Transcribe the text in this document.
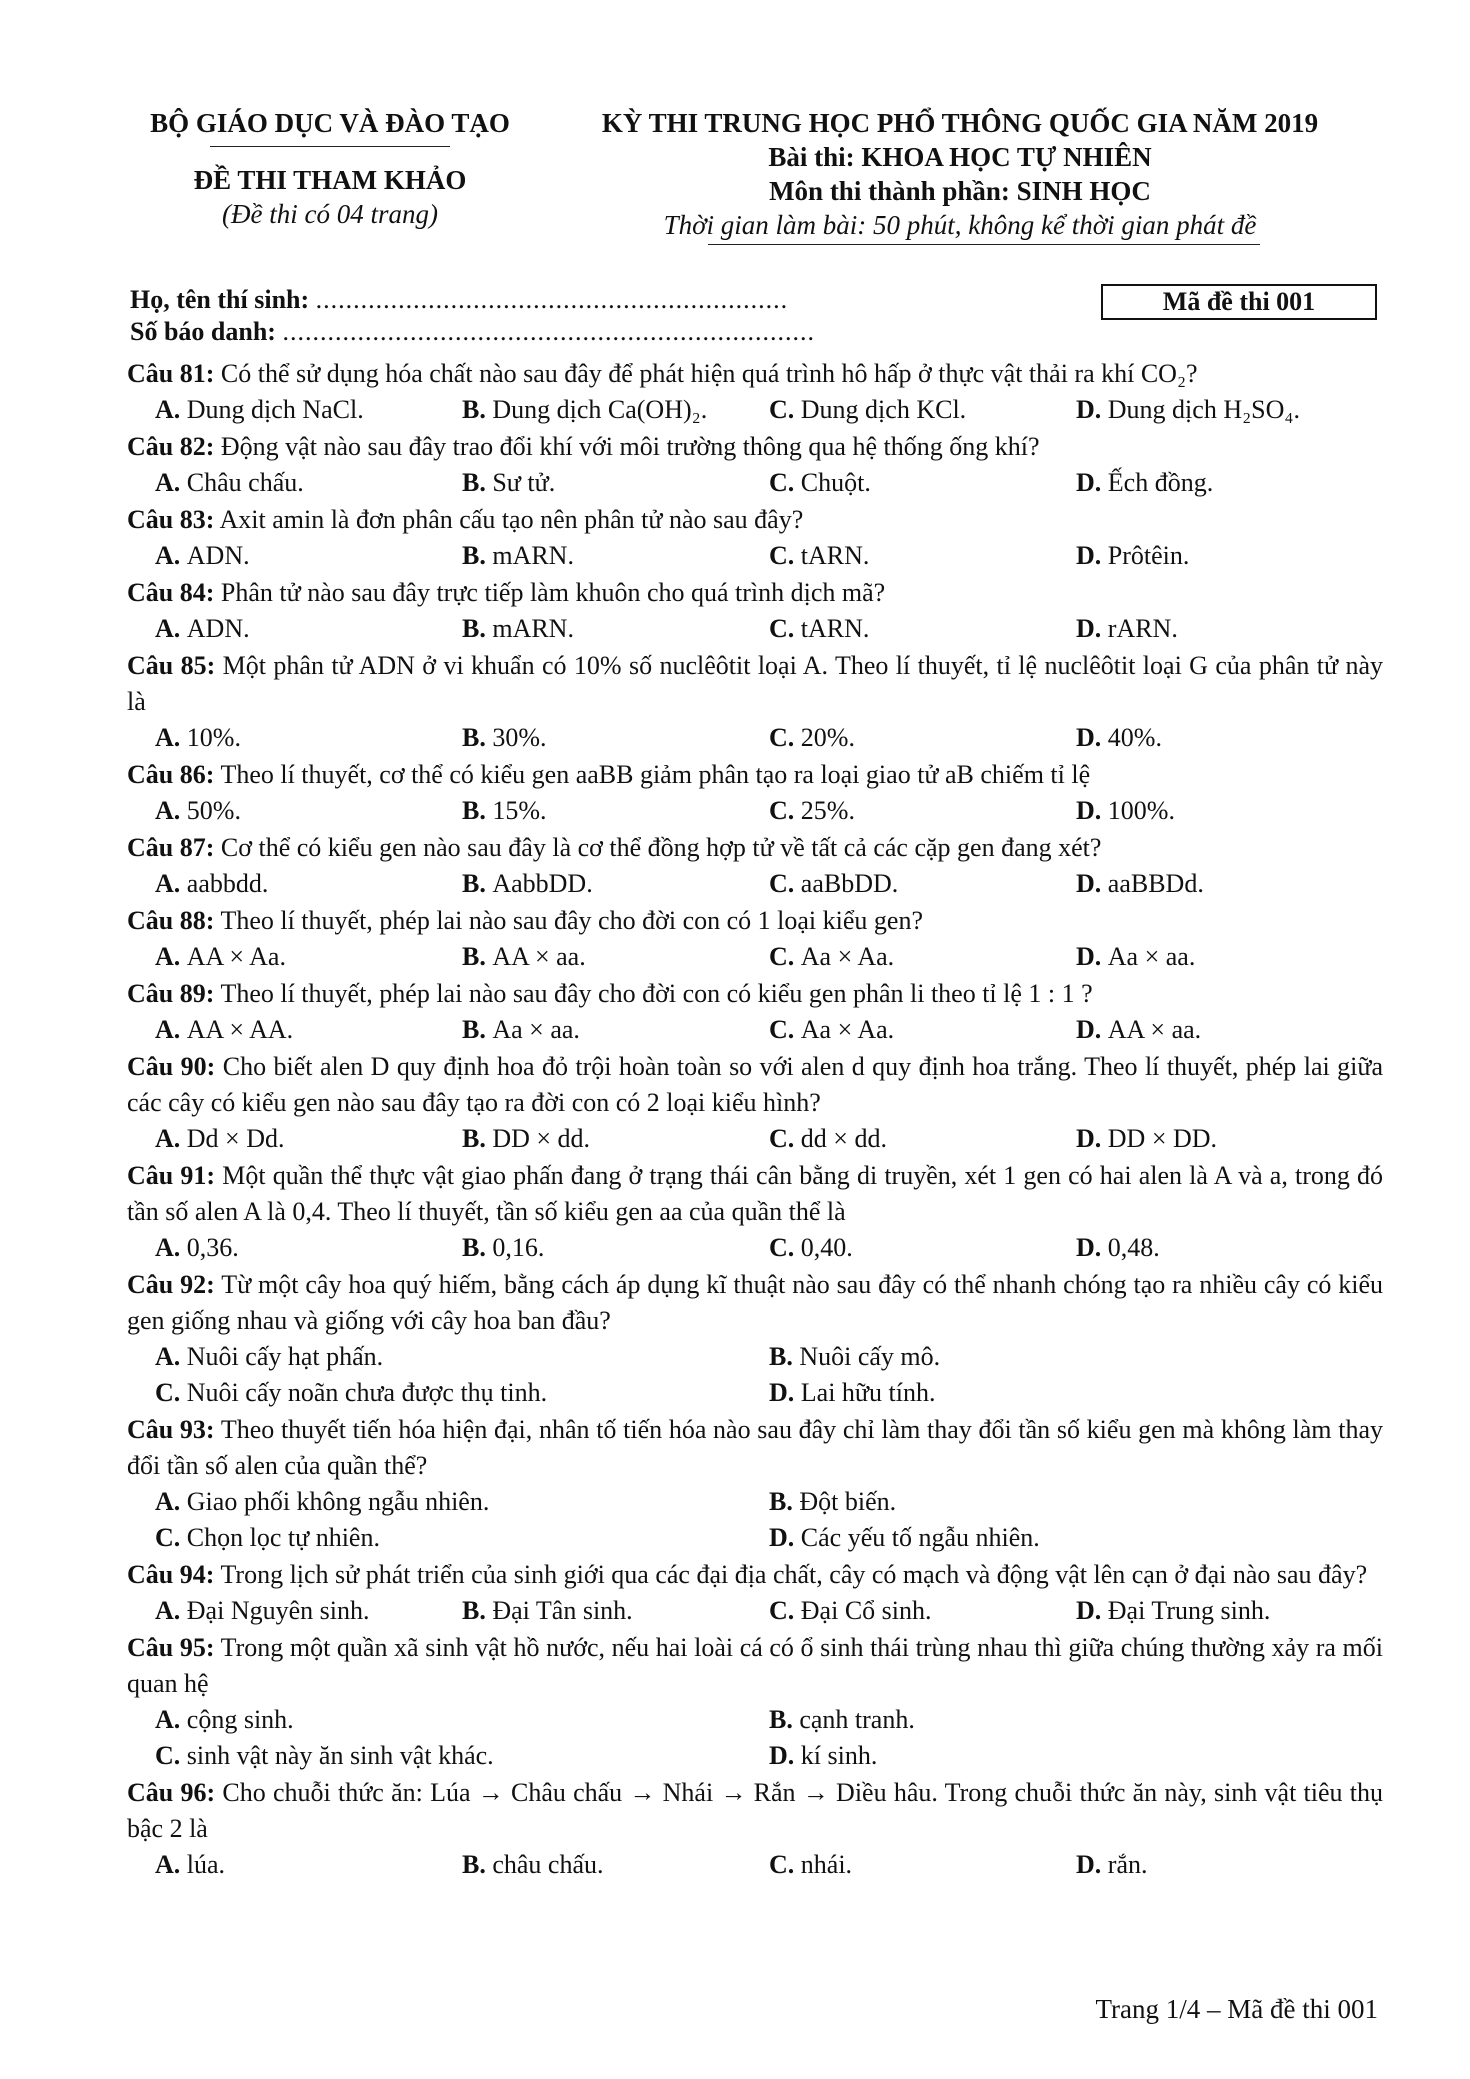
BỘ GIÁO DỤC VÀ ĐÀO TẠO
ĐỀ THI THAM KHẢO
(Đề thi có 04 trang)
KỲ THI TRUNG HỌC PHỔ THÔNG QUỐC GIA NĂM 2019
Bài thi: KHOA HỌC TỰ NHIÊN
Môn thi thành phần: SINH HỌC
Thời gian làm bài: 50 phút, không kể thời gian phát đề
Họ, tên thí sinh: ...............................................................
Số báo danh: .......................................................................
Mã đề thi 001
Câu 81: Có thể sử dụng hóa chất nào sau đây để phát hiện quá trình hô hấp ở thực vật thải ra khí CO₂?
A. Dung dịch NaCl.	B. Dung dịch Ca(OH)₂.	C. Dung dịch KCl.	D. Dung dịch H₂SO₄.
Câu 82: Động vật nào sau đây trao đổi khí với môi trường thông qua hệ thống ống khí?
A. Châu chấu.	B. Sư tử.	C. Chuột.	D. Ếch đồng.
Câu 83: Axit amin là đơn phân cấu tạo nên phân tử nào sau đây?
A. ADN.	B. mARN.	C. tARN.	D. Prôtêin.
Câu 84: Phân tử nào sau đây trực tiếp làm khuôn cho quá trình dịch mã?
A. ADN.	B. mARN.	C. tARN.	D. rARN.
Câu 85: Một phân tử ADN ở vi khuẩn có 10% số nuclêôtit loại A. Theo lí thuyết, tỉ lệ nuclêôtit loại G của phân tử này là
A. 10%.	B. 30%.	C. 20%.	D. 40%.
Câu 86: Theo lí thuyết, cơ thể có kiểu gen aaBB giảm phân tạo ra loại giao tử aB chiếm tỉ lệ
A. 50%.	B. 15%.	C. 25%.	D. 100%.
Câu 87: Cơ thể có kiểu gen nào sau đây là cơ thể đồng hợp tử về tất cả các cặp gen đang xét?
A. aabbdd.	B. AabbDD.	C. aaBbDD.	D. aaBBDd.
Câu 88: Theo lí thuyết, phép lai nào sau đây cho đời con có 1 loại kiểu gen?
A. AA × Aa.	B. AA × aa.	C. Aa × Aa.	D. Aa × aa.
Câu 89: Theo lí thuyết, phép lai nào sau đây cho đời con có kiểu gen phân li theo tỉ lệ 1 : 1 ?
A. AA × AA.	B. Aa × aa.	C. Aa × Aa.	D. AA × aa.
Câu 90: Cho biết alen D quy định hoa đỏ trội hoàn toàn so với alen d quy định hoa trắng. Theo lí thuyết, phép lai giữa các cây có kiểu gen nào sau đây tạo ra đời con có 2 loại kiểu hình?
A. Dd × Dd.	B. DD × dd.	C. dd × dd.	D. DD × DD.
Câu 91: Một quần thể thực vật giao phấn đang ở trạng thái cân bằng di truyền, xét 1 gen có hai alen là A và a, trong đó tần số alen A là 0,4. Theo lí thuyết, tần số kiểu gen aa của quần thể là
A. 0,36.	B. 0,16.	C. 0,40.	D. 0,48.
Câu 92: Từ một cây hoa quý hiếm, bằng cách áp dụng kĩ thuật nào sau đây có thể nhanh chóng tạo ra nhiều cây có kiểu gen giống nhau và giống với cây hoa ban đầu?
A. Nuôi cấy hạt phấn.	B. Nuôi cấy mô.
C. Nuôi cấy noãn chưa được thụ tinh.	D. Lai hữu tính.
Câu 93: Theo thuyết tiến hóa hiện đại, nhân tố tiến hóa nào sau đây chỉ làm thay đổi tần số kiểu gen mà không làm thay đổi tần số alen của quần thể?
A. Giao phối không ngẫu nhiên.	B. Đột biến.
C. Chọn lọc tự nhiên.	D. Các yếu tố ngẫu nhiên.
Câu 94: Trong lịch sử phát triển của sinh giới qua các đại địa chất, cây có mạch và động vật lên cạn ở đại nào sau đây?
A. Đại Nguyên sinh.	B. Đại Tân sinh.	C. Đại Cổ sinh.	D. Đại Trung sinh.
Câu 95: Trong một quần xã sinh vật hồ nước, nếu hai loài cá có ổ sinh thái trùng nhau thì giữa chúng thường xảy ra mối quan hệ
A. cộng sinh.	B. cạnh tranh.
C. sinh vật này ăn sinh vật khác.	D. kí sinh.
Câu 96: Cho chuỗi thức ăn: Lúa → Châu chấu → Nhái → Rắn → Diều hâu. Trong chuỗi thức ăn này, sinh vật tiêu thụ bậc 2 là
A. lúa.	B. châu chấu.	C. nhái.	D. rắn.
Trang 1/4 – Mã đề thi 001
